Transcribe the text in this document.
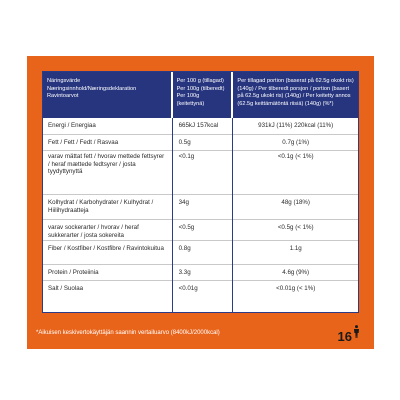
Näringsvärde
Næringsinnhold/Næringsdeklaration
Ravintoarvot
Per 100 g (tillagad)
Per 100g (tilberedt)
Per 100g (keitettynä)
Per tillagad portion (baserat på 62.5g okokt ris) (140g) / Per tilberedt porsjon / portion (basert på 62.5g ukokt ris) (140g) / Per keitetty annos (62.5g keittämätöntä riisiä) (140g) (%*)
Energi / Energiaa
Fett / Fett / Fedt / Rasvaa
varav mättat fett / hvorav mettede fettsyrer / heraf mættede fedtsyrer / josta tyydyttynyttä
Kolhydrat / Karbohydrater / Kulhydrat / Hiilihydraatteja
varav sockerarter / hvorav / heraf sukkerarter / josta sokereita
Fiber / Kostfiber / Kostfibre / Ravintokuitua
Protein / Proteiinia
Salt / Suolaa
665kJ 157kcal
0.5g
<0.1g
34g
<0.5g
0.8g
3.3g
<0.01g
931kJ (11%) 220kcal (11%)
0.7g (1%)
<0.1g (< 1%)
48g (18%)
<0.5g (< 1%)
1.1g
4.6g (9%)
<0.01g (< 1%)
*Aikuisen keskivertokäyttäjän saannin vertailuarvo (8400kJ/2000kcal)	16
